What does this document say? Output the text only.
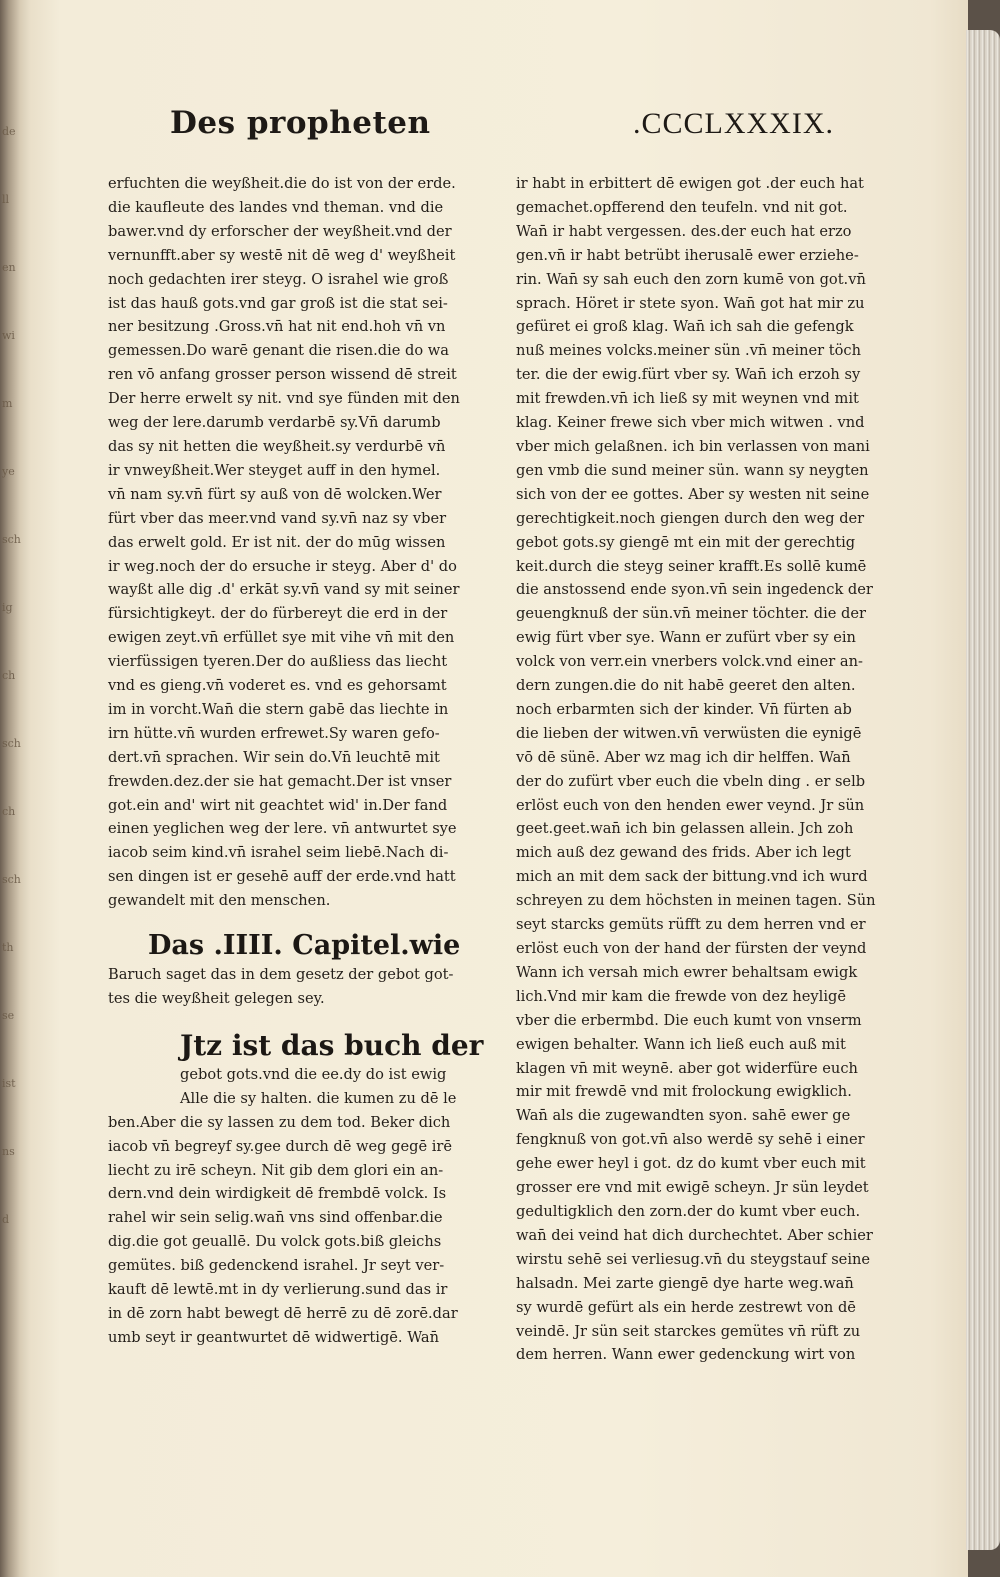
de
ll
en
wi
m
ye
sch
ig
ch
sch
ch
sch
th
se
ist
ns
d
Des propheten	.CCCLXXXIX.
erfuchten die weyßheit.die do ist von der erde.
die kaufleute des landes vnd theman. vnd die
bawer.vnd dy erforscher der weyßheit.vnd der
vernunfft.aber sy westē nit dē weg d' weyßheit
noch gedachten irer steyg. O israhel wie groß
ist das hauß gots.vnd gar groß ist die stat sei-
ner besitzung .Gross.vn̄ hat nit end.hoh vn̄ vn
gemessen.Do warē genant die risen.die do wa
ren vō anfang grosser person wissend dē streit
Der herre erwelt sy nit. vnd sye fünden mit den
weg der lere.darumb verdarbē sy.Vn̄ darumb
das sy nit hetten die weyßheit.sy verdurbē vn̄
ir vnweyßheit.Wer steyget auff in den hymel.
vn̄ nam sy.vn̄ fürt sy auß von dē wolcken.Wer
fürt vber das meer.vnd vand sy.vn̄ naz sy vber
das erwelt gold. Er ist nit. der do mūg wissen
ir weg.noch der do ersuche ir steyg. Aber d' do
wayßt alle dig .d' erkāt sy.vn̄ vand sy mit seiner
fürsichtigkeyt. der do fürbereyt die erd in der
ewigen zeyt.vn̄ erfüllet sye mit vihe vn̄ mit den
vierfüssigen tyeren.Der do außliess das liecht
vnd es gieng.vn̄ voderet es. vnd es gehorsamt
im in vorcht.Wan̄ die stern gabē das liechte in
irn hütte.vn̄ wurden erfrewet.Sy waren gefo-
dert.vn̄ sprachen. Wir sein do.Vn̄ leuchtē mit
frewden.dez.der sie hat gemacht.Der ist vnser
got.ein and' wirt nit geachtet wid' in.Der fand
einen yeglichen weg der lere. vn̄ antwurtet sye
iacob seim kind.vn̄ israhel seim liebē.Nach di-
sen dingen ist er gesehē auff der erde.vnd hatt
gewandelt mit den menschen.
Das .IIII. Capitel.wie
Baruch saget das in dem gesetz der gebot got-
tes die weyßheit gelegen sey.
Jtz ist das buch der
gebot gots.vnd die ee.dy do ist ewig
Alle die sy halten. die kumen zu dē le
ben.Aber die sy lassen zu dem tod. Beker dich
iacob vn̄ begreyf sy.gee durch dē weg gegē irē
liecht zu irē scheyn. Nit gib dem glori ein an-
dern.vnd dein wirdigkeit dē frembdē volck. Is
rahel wir sein selig.wan̄ vns sind offenbar.die
dig.die got geuallē. Du volck gots.biß gleichs
gemütes. biß gedenckend israhel. Jr seyt ver-
kauft dē lewtē.mt in dy verlierung.sund das ir
in dē zorn habt bewegt dē herrē zu dē zorē.dar
umb seyt ir geantwurtet dē widwertigē. Wan̄
ir habt in erbittert dē ewigen got .der euch hat
gemachet.opfferend den teufeln. vnd nit got.
Wan̄ ir habt vergessen. des.der euch hat erzo
gen.vn̄ ir habt betrübt iherusalē ewer erziehe-
rin. Wan̄ sy sah euch den zorn kumē von got.vn̄
sprach. Höret ir stete syon. Wan̄ got hat mir zu
gefüret ei groß klag. Wan̄ ich sah die gefengk
nuß meines volcks.meiner sün .vn̄ meiner töch
ter. die der ewig.fürt vber sy. Wan̄ ich erzoh sy
mit frewden.vn̄ ich ließ sy mit weynen vnd mit
klag. Keiner frewe sich vber mich witwen . vnd
vber mich gelaßnen. ich bin verlassen von mani
gen vmb die sund meiner sün. wann sy neygten
sich von der ee gottes. Aber sy westen nit seine
gerechtigkeit.noch giengen durch den weg der
gebot gots.sy giengē mt ein mit der gerechtig
keit.durch die steyg seiner krafft.Es sollē kumē
die anstossend ende syon.vn̄ sein ingedenck der
geuengknuß der sün.vn̄ meiner töchter. die der
ewig fürt vber sye. Wann er zufürt vber sy ein
volck von verr.ein vnerbers volck.vnd einer an-
dern zungen.die do nit habē geeret den alten.
noch erbarmten sich der kinder. Vn̄ fürten ab
die lieben der witwen.vn̄ verwüsten die eynigē
vō dē sünē. Aber wz mag ich dir helffen. Wan̄
der do zufürt vber euch die vbeln ding . er selb
erlöst euch von den henden ewer veynd. Jr sün
geet.geet.wan̄ ich bin gelassen allein. Jch zoh
mich auß dez gewand des frids. Aber ich legt
mich an mit dem sack der bittung.vnd ich wurd
schreyen zu dem höchsten in meinen tagen. Sün
seyt starcks gemüts rüfft zu dem herren vnd er
erlöst euch von der hand der fürsten der veynd
Wann ich versah mich ewrer behaltsam ewigk
lich.Vnd mir kam die frewde von dez heyligē
vber die erbermbd. Die euch kumt von vnserm
ewigen behalter. Wann ich ließ euch auß mit
klagen vn̄ mit weynē. aber got widerfüre euch
mir mit frewdē vnd mit frolockung ewigklich.
Wan̄ als die zugewandten syon. sahē ewer ge
fengknuß von got.vn̄ also werdē sy sehē i einer
gehe ewer heyl i got. dz do kumt vber euch mit
grosser ere vnd mit ewigē scheyn. Jr sün leydet
gedultigklich den zorn.der do kumt vber euch.
wan̄ dei veind hat dich durchechtet. Aber schier
wirstu sehē sei verliesug.vn̄ du steygstauf seine
halsadn. Mei zarte giengē dye harte weg.wan̄
sy wurdē gefürt als ein herde zestrewt von dē
veindē. Jr sün seit starckes gemütes vn̄ rüft zu
dem herren. Wann ewer gedenckung wirt von
